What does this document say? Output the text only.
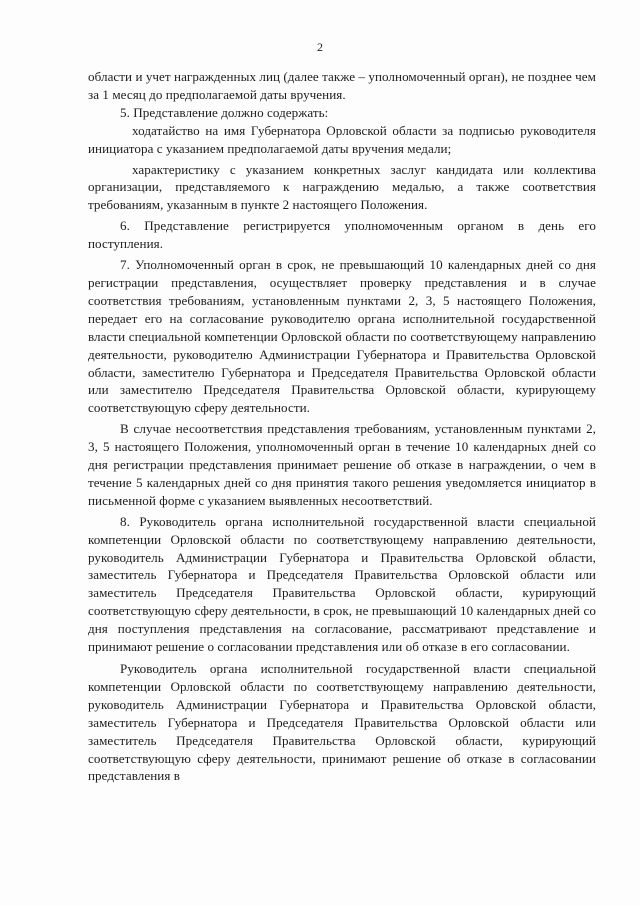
2

области и учет награжденных лиц (далее также – уполномоченный орган), не позднее чем за 1 месяц до предполагаемой даты вручения.

5. Представление должно содержать:

ходатайство на имя Губернатора Орловской области за подписью руководителя инициатора с указанием предполагаемой даты вручения медали;

характеристику с указанием конкретных заслуг кандидата или коллектива организации, представляемого к награждению медалью, а также соответствия требованиям, указанным в пункте 2 настоящего Положения.

6. Представление регистрируется уполномоченным органом в день его поступления.

7. Уполномоченный орган в срок, не превышающий 10 календарных дней со дня регистрации представления, осуществляет проверку представления и в случае соответствия требованиям, установленным пунктами 2, 3, 5 настоящего Положения, передает его на согласование руководителю органа исполнительной государственной власти специальной компетенции Орловской области по соответствующему направлению деятельности, руководителю Администрации Губернатора и Правительства Орловской области, заместителю Губернатора и Председателя Правительства Орловской области или заместителю Председателя Правительства Орловской области, курирующему соответствующую сферу деятельности.

В случае несоответствия представления требованиям, установленным пунктами 2, 3, 5 настоящего Положения, уполномоченный орган в течение 10 календарных дней со дня регистрации представления принимает решение об отказе в награждении, о чем в течение 5 календарных дней со дня принятия такого решения уведомляется инициатор в письменной форме с указанием выявленных несоответствий.

8. Руководитель органа исполнительной государственной власти специальной компетенции Орловской области по соответствующему направлению деятельности, руководитель Администрации Губернатора и Правительства Орловской области, заместитель Губернатора и Председателя Правительства Орловской области или заместитель Председателя Правительства Орловской области, курирующий соответствующую сферу деятельности, в срок, не превышающий 10 календарных дней со дня поступления представления на согласование, рассматривают представление и принимают решение о согласовании представления или об отказе в его согласовании.

Руководитель органа исполнительной государственной власти специальной компетенции Орловской области по соответствующему направлению деятельности, руководитель Администрации Губернатора и Правительства Орловской области, заместитель Губернатора и Председателя Правительства Орловской области или заместитель Председателя Правительства Орловской области, курирующий соответствующую сферу деятельности, принимают решение об отказе в согласовании представления в
